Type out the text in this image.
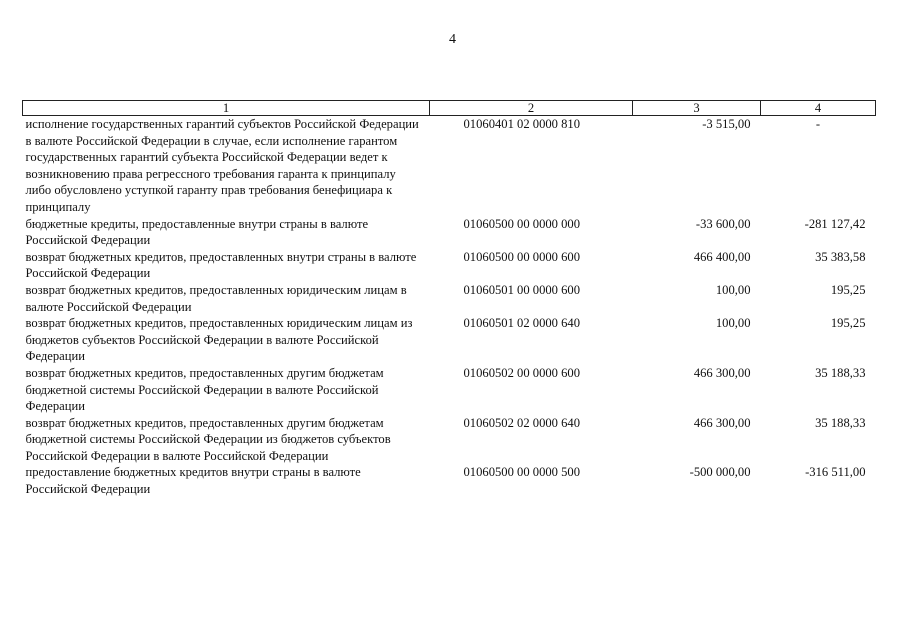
4
1	2	3	4
исполнение государственных гарантий субъектов Российской Федерации в валюте Российской Федерации в случае, если исполнение гарантом государственных гарантий субъекта Российской Федерации ведет к возникновению права регрессного требования гаранта к принципалу либо обусловлено уступкой гаранту прав требования бенефициара к принципалу	01060401 02 0000 810	-3 515,00	-
бюджетные кредиты, предоставленные внутри страны в валюте Российской Федерации	01060500 00 0000 000	-33 600,00	-281 127,42
возврат бюджетных кредитов, предоставленных внутри страны в валюте Российской Федерации	01060500 00 0000 600	466 400,00	35 383,58
возврат бюджетных кредитов, предоставленных юридическим лицам в валюте Российской Федерации	01060501 00 0000 600	100,00	195,25
возврат бюджетных кредитов, предоставленных юридическим лицам из бюджетов субъектов Российской Федерации в валюте Российской Федерации	01060501 02 0000 640	100,00	195,25
возврат бюджетных кредитов, предоставленных другим бюджетам бюджетной системы Российской Федерации в валюте Российской Федерации	01060502 00 0000 600	466 300,00	35 188,33
возврат бюджетных кредитов, предоставленных другим бюджетам бюджетной системы Российской Федерации из бюджетов субъектов Российской Федерации в валюте Российской Федерации	01060502 02 0000 640	466 300,00	35 188,33
предоставление бюджетных кредитов внутри страны в валюте Российской Федерации	01060500 00 0000 500	-500 000,00	-316 511,00
